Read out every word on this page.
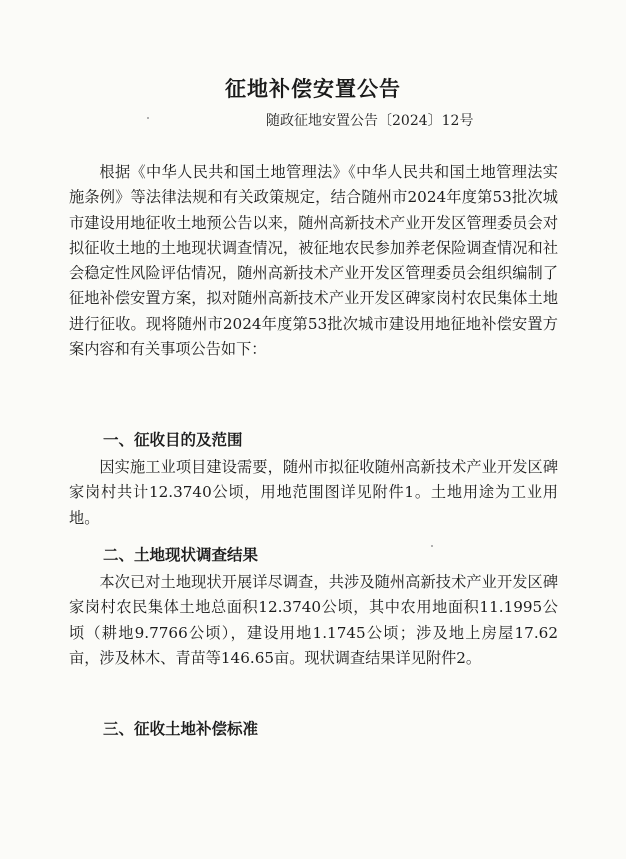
征地补偿安置公告
随政征地安置公告〔2024〕12号

根据《中华人民共和国土地管理法》《中华人民共和国土地管理法实施条例》等法律法规和有关政策规定，结合随州市2024年度第53批次城市建设用地征收土地预公告以来，随州高新技术产业开发区管理委员会对拟征收土地的土地现状调查情况，被征地农民参加养老保险调查情况和社会稳定性风险评估情况，随州高新技术产业开发区管理委员会组织编制了征地补偿安置方案，拟对随州高新技术产业开发区碑家岗村农民集体土地进行征收。现将随州市2024年度第53批次城市建设用地征地补偿安置方案内容和有关事项公告如下：

一、征收目的及范围

因实施工业项目建设需要，随州市拟征收随州高新技术产业开发区碑家岗村共计12.3740公顷，用地范围图详见附件1。土地用途为工业用地。

二、土地现状调查结果

本次已对土地现状开展详尽调查，共涉及随州高新技术产业开发区碑家岗村农民集体土地总面积12.3740公顷，其中农用地面积11.1995公顷（耕地9.7766公顷），建设用地1.1745公顷；涉及地上房屋17.62亩，涉及林木、青苗等146.65亩。现状调查结果详见附件2。

三、征收土地补偿标准
